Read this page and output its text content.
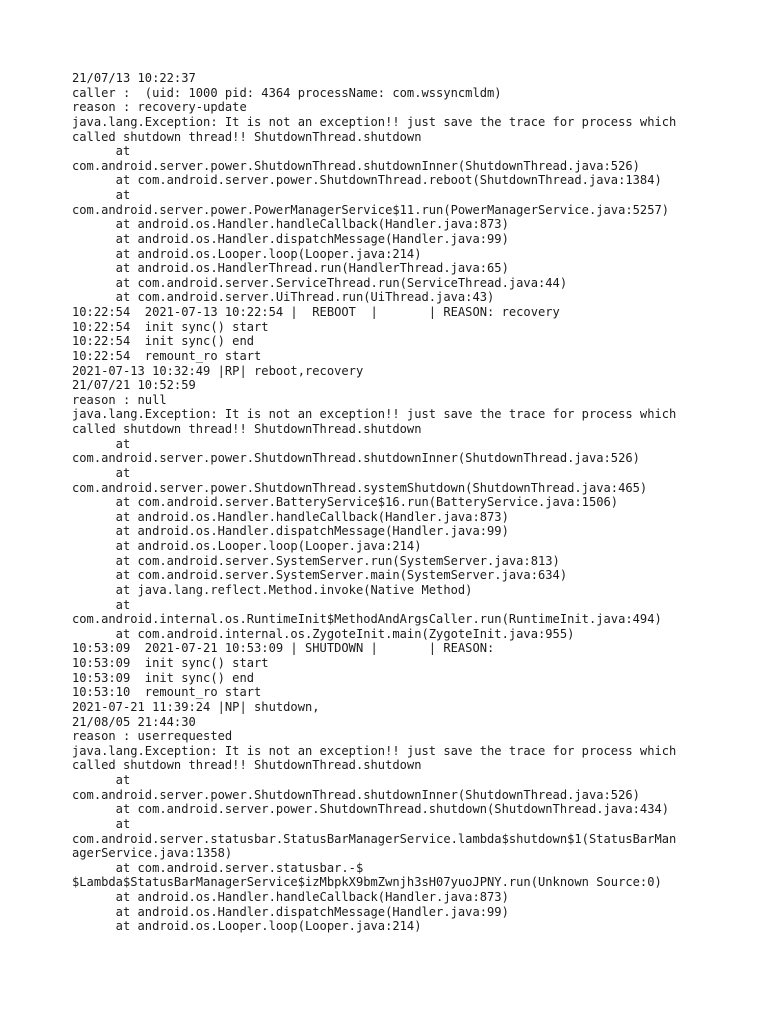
21/07/13 10:22:37
caller :  (uid: 1000 pid: 4364 processName: com.wssyncmldm)
reason : recovery-update
java.lang.Exception: It is not an exception!! just save the trace for process which
called shutdown thread!! ShutdownThread.shutdown
at
com.android.server.power.ShutdownThread.shutdownInner(ShutdownThread.java:526)
at com.android.server.power.ShutdownThread.reboot(ShutdownThread.java:1384)
at
com.android.server.power.PowerManagerService$11.run(PowerManagerService.java:5257)
at android.os.Handler.handleCallback(Handler.java:873)
at android.os.Handler.dispatchMessage(Handler.java:99)
at android.os.Looper.loop(Looper.java:214)
at android.os.HandlerThread.run(HandlerThread.java:65)
at com.android.server.ServiceThread.run(ServiceThread.java:44)
at com.android.server.UiThread.run(UiThread.java:43)
10:22:54  2021-07-13 10:22:54 |  REBOOT  |       | REASON: recovery
10:22:54  init sync() start
10:22:54  init sync() end
10:22:54  remount_ro start
2021-07-13 10:32:49 |RP| reboot,recovery
21/07/21 10:52:59
reason : null
java.lang.Exception: It is not an exception!! just save the trace for process which
called shutdown thread!! ShutdownThread.shutdown
at
com.android.server.power.ShutdownThread.shutdownInner(ShutdownThread.java:526)
at
com.android.server.power.ShutdownThread.systemShutdown(ShutdownThread.java:465)
at com.android.server.BatteryService$16.run(BatteryService.java:1506)
at android.os.Handler.handleCallback(Handler.java:873)
at android.os.Handler.dispatchMessage(Handler.java:99)
at android.os.Looper.loop(Looper.java:214)
at com.android.server.SystemServer.run(SystemServer.java:813)
at com.android.server.SystemServer.main(SystemServer.java:634)
at java.lang.reflect.Method.invoke(Native Method)
at
com.android.internal.os.RuntimeInit$MethodAndArgsCaller.run(RuntimeInit.java:494)
at com.android.internal.os.ZygoteInit.main(ZygoteInit.java:955)
10:53:09  2021-07-21 10:53:09 | SHUTDOWN |       | REASON:
10:53:09  init sync() start
10:53:09  init sync() end
10:53:10  remount_ro start
2021-07-21 11:39:24 |NP| shutdown,
21/08/05 21:44:30
reason : userrequested
java.lang.Exception: It is not an exception!! just save the trace for process which
called shutdown thread!! ShutdownThread.shutdown
at
com.android.server.power.ShutdownThread.shutdownInner(ShutdownThread.java:526)
at com.android.server.power.ShutdownThread.shutdown(ShutdownThread.java:434)
at
com.android.server.statusbar.StatusBarManagerService.lambda$shutdown$1(StatusBarMan
agerService.java:1358)
at com.android.server.statusbar.-$
$Lambda$StatusBarManagerService$izMbpkX9bmZwnjh3sH07yuoJPNY.run(Unknown Source:0)
at android.os.Handler.handleCallback(Handler.java:873)
at android.os.Handler.dispatchMessage(Handler.java:99)
at android.os.Looper.loop(Looper.java:214)
